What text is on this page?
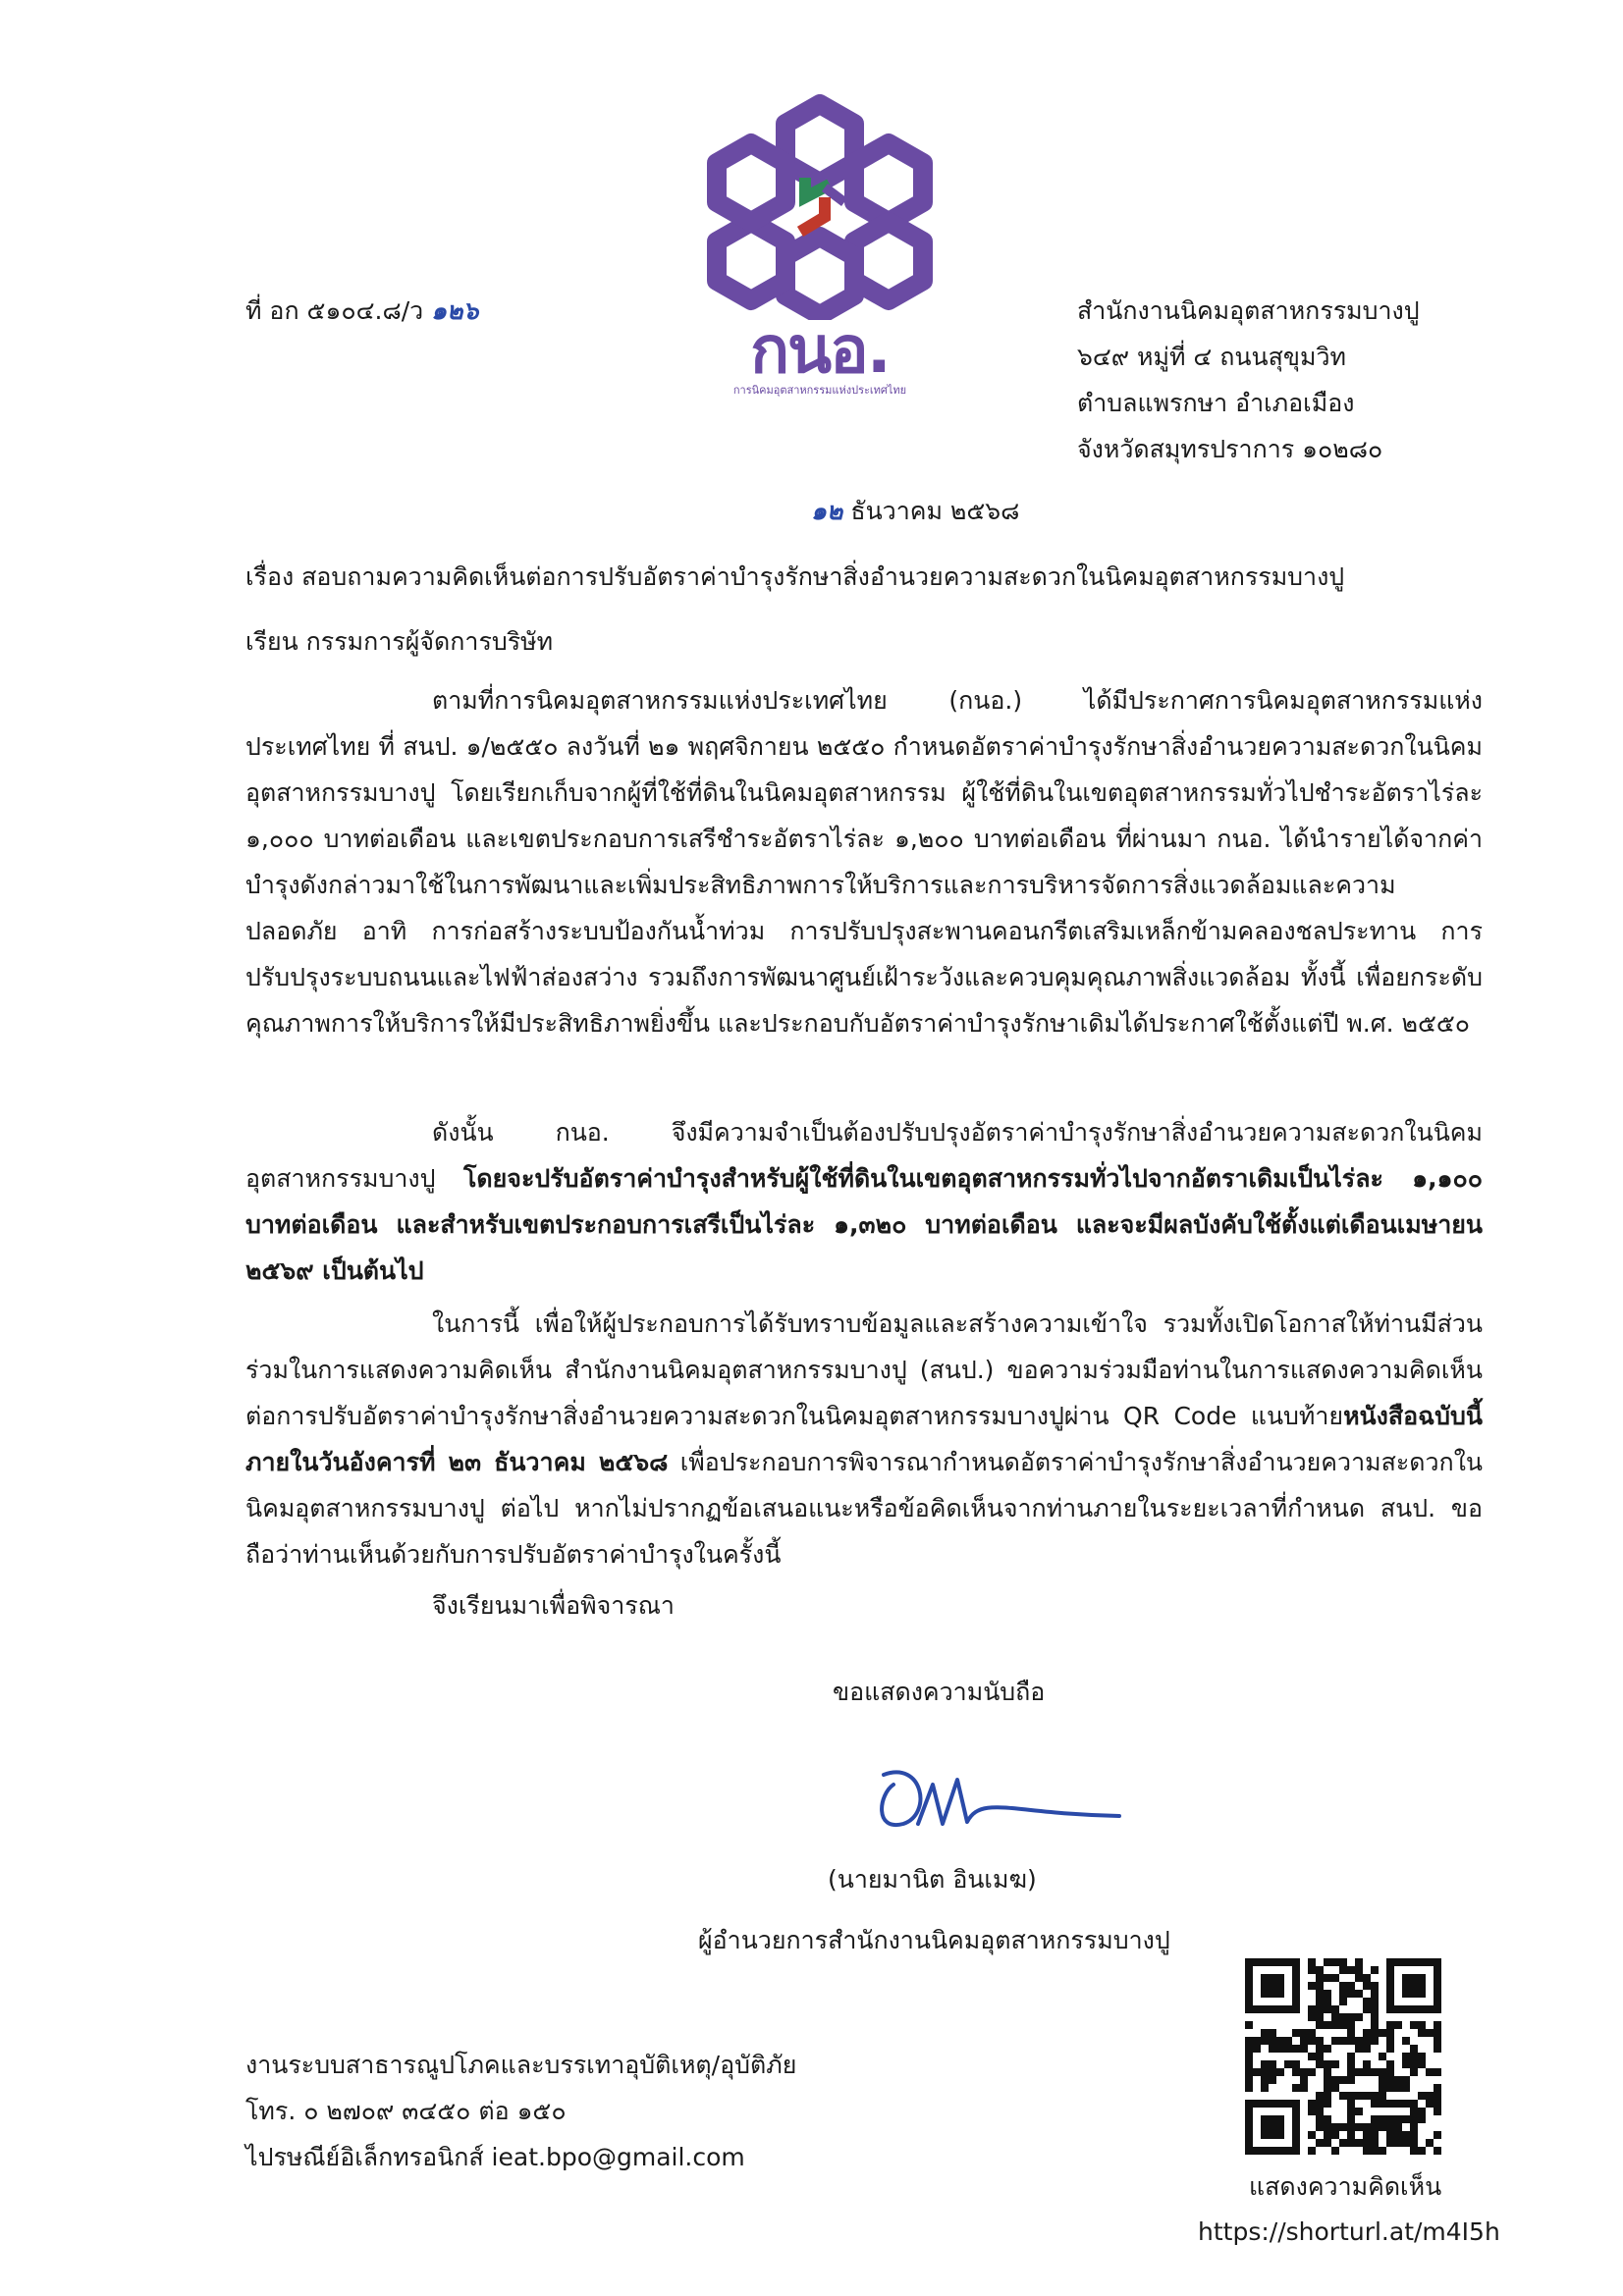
ที่ อก ๕๑๐๔.๘/ว ๑๒๖
กนอ.
การนิคมอุตสาหกรรมแห่งประเทศไทย
สำนักงานนิคมอุตสาหกรรมบางปู
๖๔๙ หมู่ที่ ๔ ถนนสุขุมวิท
ตำบลแพรกษา อำเภอเมือง
จังหวัดสมุทรปราการ ๑๐๒๘๐
๑๒ ธันวาคม ๒๕๖๘
เรื่อง สอบถามความคิดเห็นต่อการปรับอัตราค่าบำรุงรักษาสิ่งอำนวยความสะดวกในนิคมอุตสาหกรรมบางปู
เรียน กรรมการผู้จัดการบริษัท
ตามที่การนิคมอุตสาหกรรมแห่งประเทศไทย (กนอ.) ได้มีประกาศการนิคมอุตสาหกรรมแห่งประเทศไทย ที่ สนป. ๑/๒๕๕๐ ลงวันที่ ๒๑ พฤศจิกายน ๒๕๕๐ กำหนดอัตราค่าบำรุงรักษาสิ่งอำนวยความสะดวกในนิคมอุตสาหกรรมบางปู โดยเรียกเก็บจากผู้ที่ใช้ที่ดินในนิคมอุตสาหกรรม ผู้ใช้ที่ดินในเขตอุตสาหกรรมทั่วไปชำระอัตราไร่ละ ๑,๐๐๐ บาทต่อเดือน และเขตประกอบการเสรีชำระอัตราไร่ละ ๑,๒๐๐ บาทต่อเดือน ที่ผ่านมา กนอ. ได้นำรายได้จากค่าบำรุงดังกล่าวมาใช้ในการพัฒนาและเพิ่มประสิทธิภาพการให้บริการและการบริหารจัดการสิ่งแวดล้อมและความปลอดภัย อาทิ การก่อสร้างระบบป้องกันน้ำท่วม การปรับปรุงสะพานคอนกรีตเสริมเหล็กข้ามคลองชลประทาน การปรับปรุงระบบถนนและไฟฟ้าส่องสว่าง รวมถึงการพัฒนาศูนย์เฝ้าระวังและควบคุมคุณภาพสิ่งแวดล้อม ทั้งนี้ เพื่อยกระดับคุณภาพการให้บริการให้มีประสิทธิภาพยิ่งขึ้น และประกอบกับอัตราค่าบำรุงรักษาเดิมได้ประกาศใช้ตั้งแต่ปี พ.ศ. ๒๕๕๐
ดังนั้น กนอ. จึงมีความจำเป็นต้องปรับปรุงอัตราค่าบำรุงรักษาสิ่งอำนวยความสะดวกในนิคมอุตสาหกรรมบางปู โดยจะปรับอัตราค่าบำรุงสำหรับผู้ใช้ที่ดินในเขตอุตสาหกรรมทั่วไปจากอัตราเดิมเป็นไร่ละ ๑,๑๐๐ บาทต่อเดือน และสำหรับเขตประกอบการเสรีเป็นไร่ละ ๑,๓๒๐ บาทต่อเดือน และจะมีผลบังคับใช้ตั้งแต่เดือนเมษายน ๒๕๖๙ เป็นต้นไป
ในการนี้ เพื่อให้ผู้ประกอบการได้รับทราบข้อมูลและสร้างความเข้าใจ รวมทั้งเปิดโอกาสให้ท่านมีส่วนร่วมในการแสดงความคิดเห็น สำนักงานนิคมอุตสาหกรรมบางปู (สนป.) ขอความร่วมมือท่านในการแสดงความคิดเห็นต่อการปรับอัตราค่าบำรุงรักษาสิ่งอำนวยความสะดวกในนิคมอุตสาหกรรมบางปูผ่าน QR Code แนบท้ายหนังสือฉบับนี้ ภายในวันอังคารที่ ๒๓ ธันวาคม ๒๕๖๘ เพื่อประกอบการพิจารณากำหนดอัตราค่าบำรุงรักษาสิ่งอำนวยความสะดวกในนิคมอุตสาหกรรมบางปู ต่อไป หากไม่ปรากฏข้อเสนอแนะหรือข้อคิดเห็นจากท่านภายในระยะเวลาที่กำหนด สนป. ขอถือว่าท่านเห็นด้วยกับการปรับอัตราค่าบำรุงในครั้งนี้
จึงเรียนมาเพื่อพิจารณา
ขอแสดงความนับถือ
(นายมานิต อินเมฆ)
ผู้อำนวยการสำนักงานนิคมอุตสาหกรรมบางปู
งานระบบสาธารณูปโภคและบรรเทาอุบัติเหตุ/อุบัติภัย
โทร. ๐ ๒๗๐๙ ๓๔๕๐ ต่อ ๑๕๐
ไปรษณีย์อิเล็กทรอนิกส์ ieat.bpo@gmail.com
แสดงความคิดเห็น
https://shorturl.at/m4I5h
